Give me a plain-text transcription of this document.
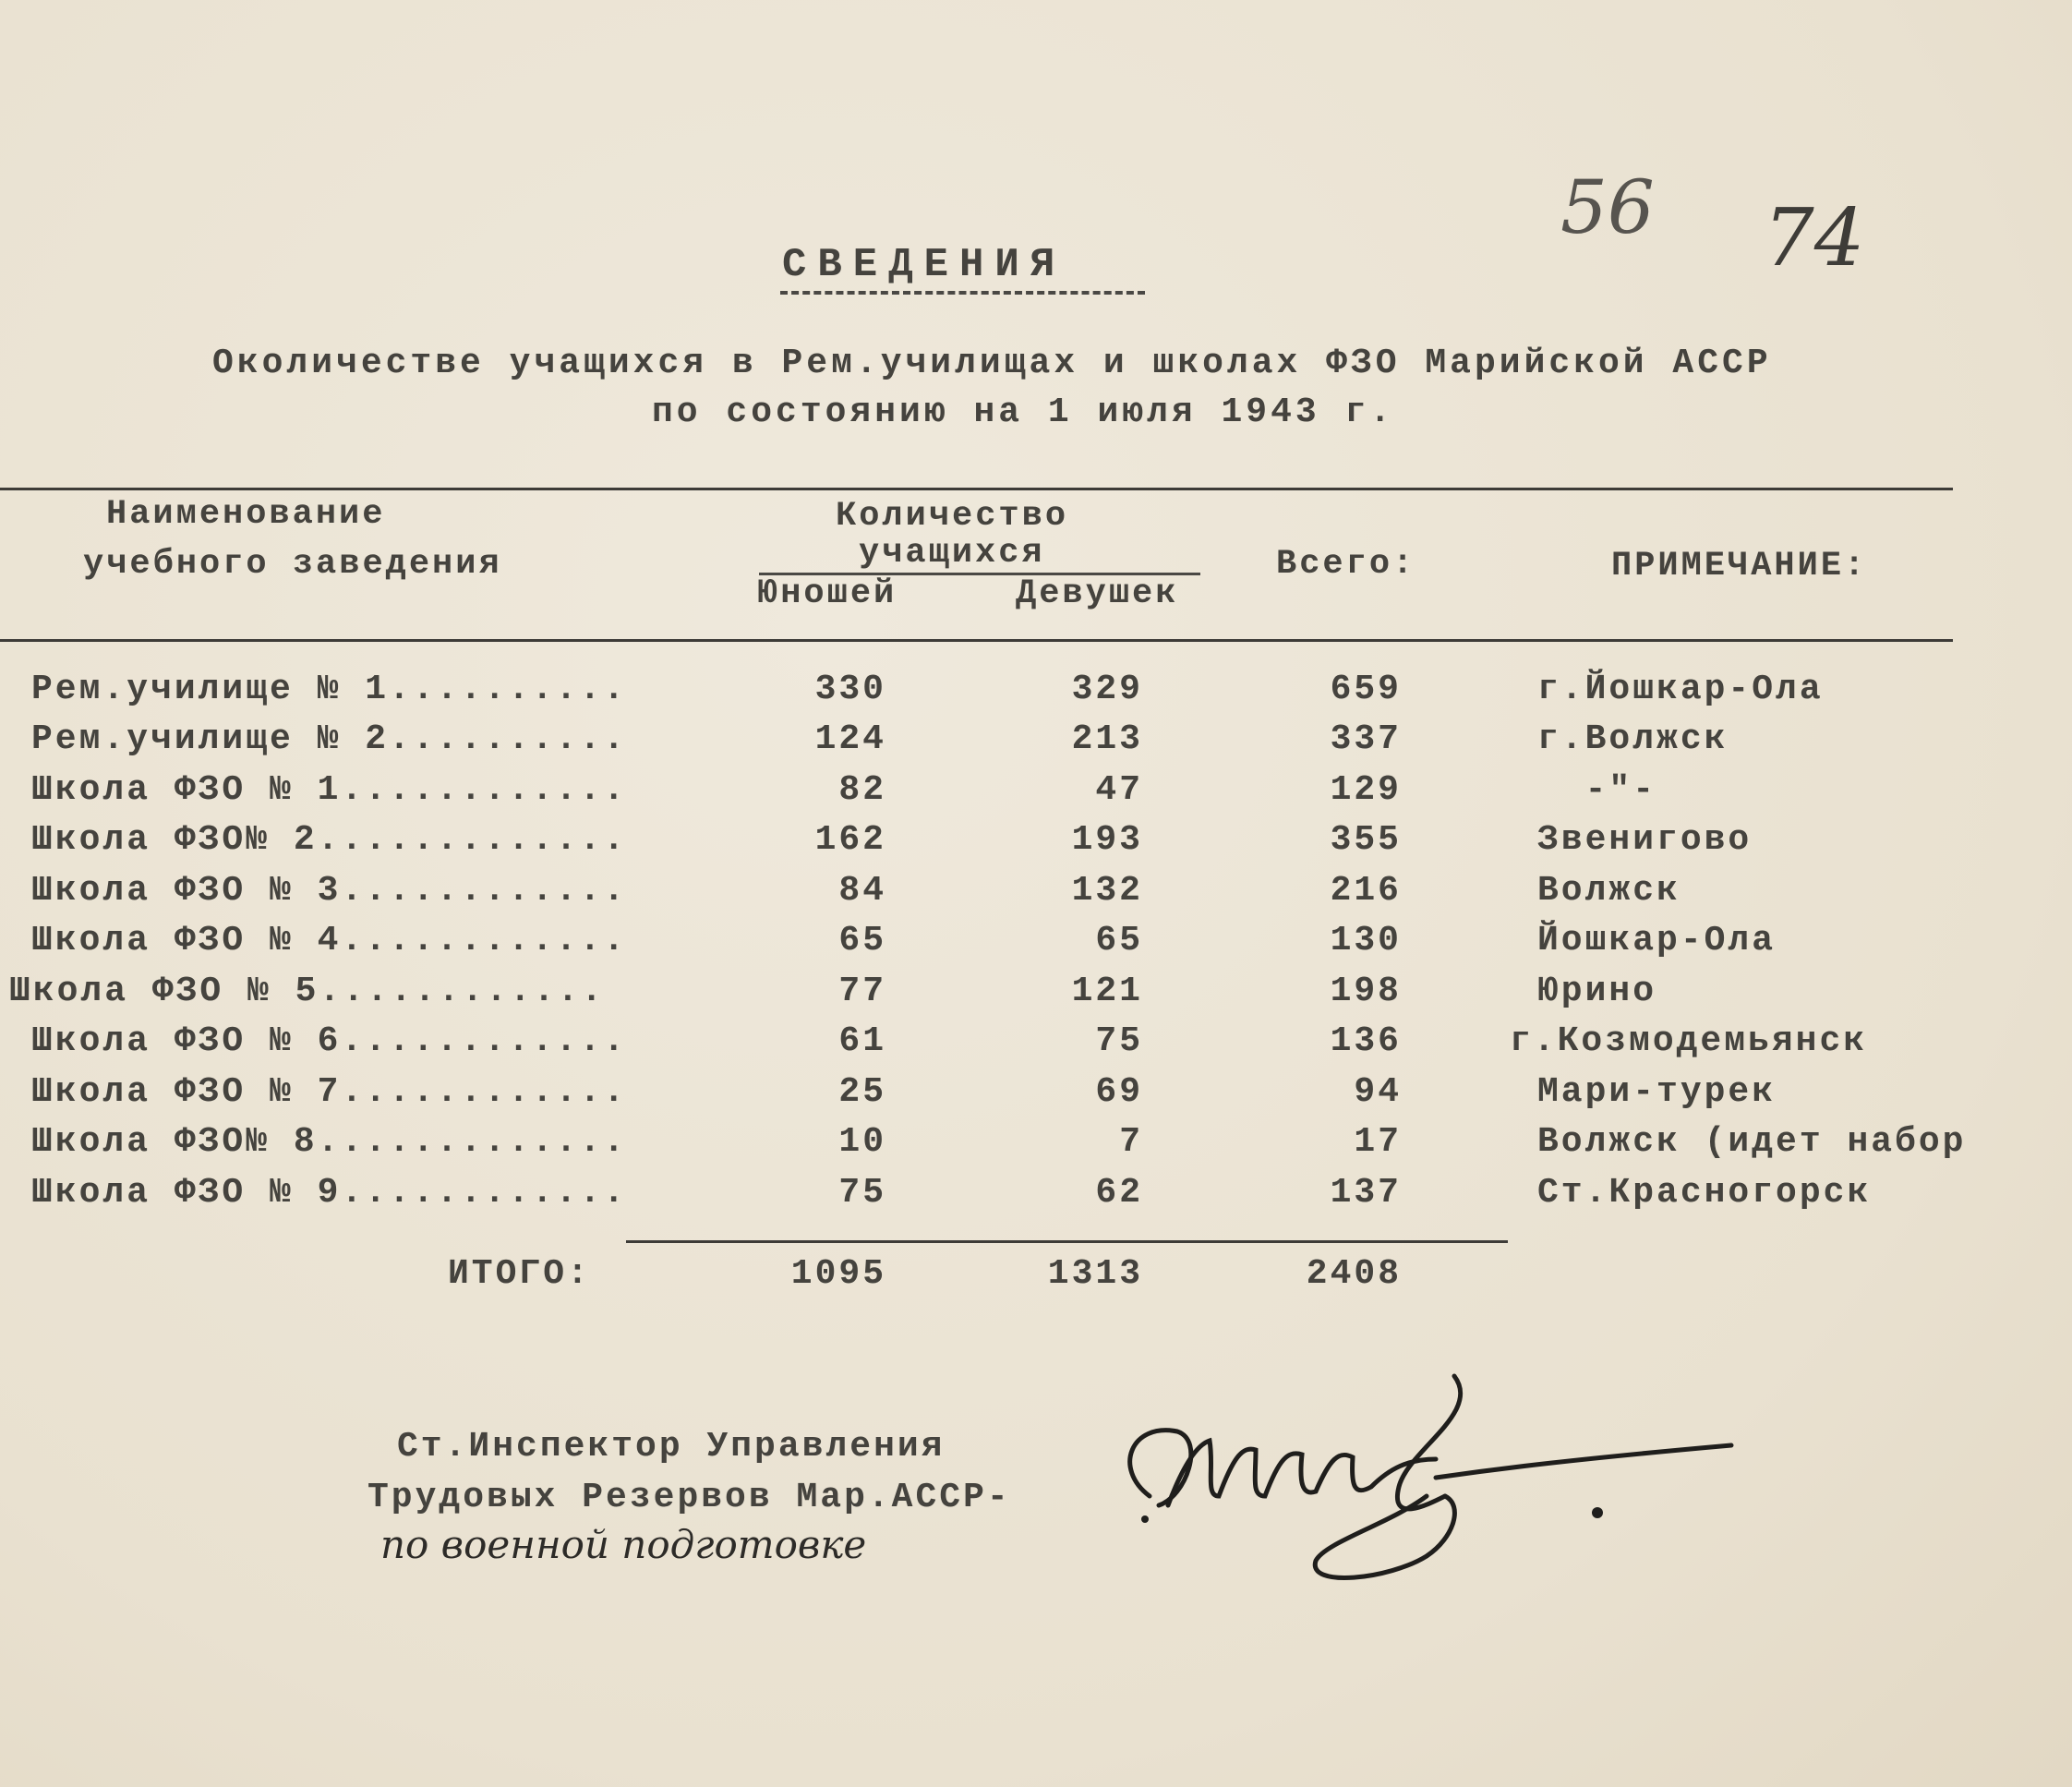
56 74
СВЕДЕНИЯ
Околичестве учащихся в Рем.училищах и школах ФЗО Марийской АССР
по состоянию на 1 июля 1943 г.
Наименование
учебного заведения
Количество
учащихся
Юношей	Девушек
Всего:	ПРИМЕЧАНИЕ:
Рем.училище № 1..........	330	329	659	г.Йошкар-Ола
Рем.училище № 2..........	124	213	337	г.Волжск
Школа ФЗО № 1............	82	47	129	-"-
Школа ФЗО№ 2.............	162	193	355	Звенигово
Школа ФЗО № 3............	84	132	216	Волжск
Школа ФЗО № 4............	65	65	130	Йошкар-Ола
Школа ФЗО № 5............	77	121	198	Юрино
Школа ФЗО № 6............	61	75	136	г.Козмодемьянск
Школа ФЗО № 7............	25	69	94	Мари-турек
Школа ФЗО№ 8.............	10	7	17	Волжск (идет набор
Школа ФЗО № 9............	75	62	137	Ст.Красногорск
ИТОГО:	1095	1313	2408
Ст.Инспектор Управления
Трудовых Резервов Мар.АССР-
по военной подготовке
